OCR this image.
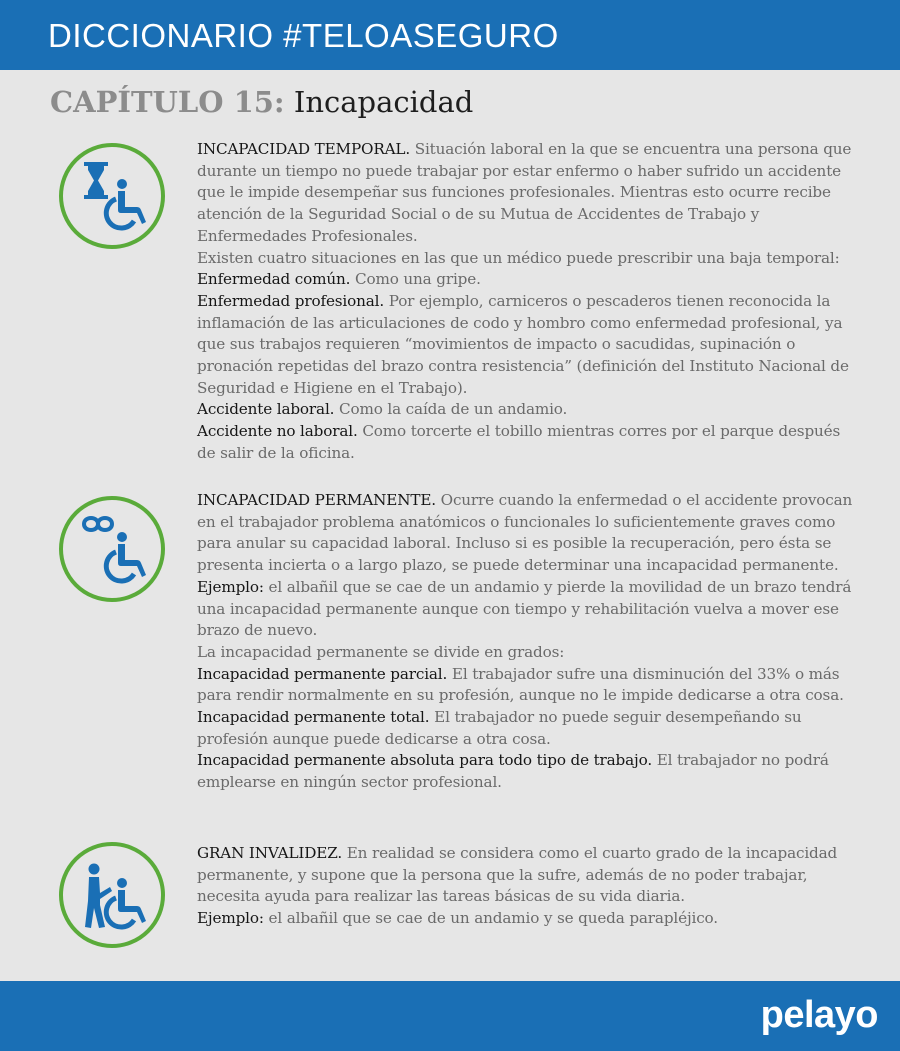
DICCIONARIO #TELOASEGURO
CAPÍTULO 15: Incapacidad
INCAPACIDAD TEMPORAL. Situación laboral en la que se encuentra una persona que durante un tiempo no puede trabajar por estar enfermo o haber sufrido un accidente que le impide desempeñar sus funciones profesionales. Mientras esto ocurre recibe atención de la Seguridad Social o de su Mutua de Accidentes de Trabajo y Enfermedades Profesionales.
Existen cuatro situaciones en las que un médico puede prescribir una baja temporal:
Enfermedad común. Como una gripe.
Enfermedad profesional. Por ejemplo, carniceros o pescaderos tienen reconocida la inflamación de las articulaciones de codo y hombro como enfermedad profesional, ya que sus trabajos requieren “movimientos de impacto o sacudidas, supinación o pronación repetidas del brazo contra resistencia” (definición del Instituto Nacional de Seguridad e Higiene en el Trabajo).
Accidente laboral. Como la caída de un andamio.
Accidente no laboral. Como torcerte el tobillo mientras corres por el parque después de salir de la oficina.
INCAPACIDAD PERMANENTE. Ocurre cuando la enfermedad o el accidente provocan en el trabajador problema anatómicos o funcionales lo suficientemente graves como para anular su capacidad laboral. Incluso si es posible la recuperación, pero ésta se presenta incierta o a largo plazo, se puede determinar una incapacidad permanente.
Ejemplo: el albañil que se cae de un andamio y pierde la movilidad de un brazo tendrá una incapacidad permanente aunque con tiempo y rehabilitación vuelva a mover ese brazo de nuevo.
La incapacidad permanente se divide en grados:
Incapacidad permanente parcial. El trabajador sufre una disminución del 33% o más para rendir normalmente en su profesión, aunque no le impide dedicarse a otra cosa.
Incapacidad permanente total. El trabajador no puede seguir desempeñando su profesión aunque puede dedicarse a otra cosa.
Incapacidad permanente absoluta para todo tipo de trabajo. El trabajador no podrá emplearse en ningún sector profesional.
GRAN INVALIDEZ. En realidad se considera como el cuarto grado de la incapacidad permanente, y supone que la persona que la sufre, además de no poder trabajar, necesita ayuda para realizar las tareas básicas de su vida diaria.
Ejemplo: el albañil que se cae de un andamio y se queda parapléjico.
pelayo
